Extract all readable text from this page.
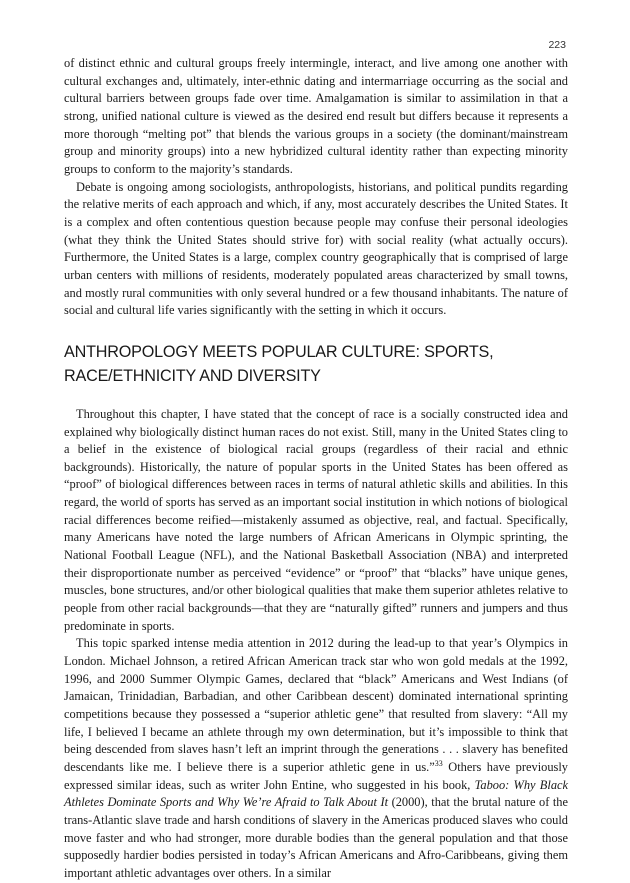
223

of distinct ethnic and cultural groups freely intermingle, interact, and live among one another with cultural exchanges and, ultimately, inter-ethnic dating and intermarriage occurring as the social and cultural barriers between groups fade over time. Amalgamation is similar to assimilation in that a strong, unified national culture is viewed as the desired end result but differs because it represents a more thorough “melting pot” that blends the various groups in a society (the dominant/mainstream group and minority groups) into a new hybridized cultural identity rather than expecting minority groups to conform to the majority’s standards.

Debate is ongoing among sociologists, anthropologists, historians, and political pundits regarding the relative merits of each approach and which, if any, most accurately describes the United States. It is a complex and often contentious question because people may confuse their personal ideologies (what they think the United States should strive for) with social reality (what actually occurs). Furthermore, the United States is a large, complex country geographically that is comprised of large urban centers with millions of residents, moderately populated areas characterized by small towns, and mostly rural communities with only several hundred or a few thousand inhabitants. The nature of social and cultural life varies significantly with the setting in which it occurs.

ANTHROPOLOGY MEETS POPULAR CULTURE: SPORTS, RACE/ETHNICITY AND DIVERSITY

Throughout this chapter, I have stated that the concept of race is a socially constructed idea and explained why biologically distinct human races do not exist. Still, many in the United States cling to a belief in the existence of biological racial groups (regardless of their racial and ethnic backgrounds). Historically, the nature of popular sports in the United States has been offered as “proof” of biological differences between races in terms of natural athletic skills and abilities. In this regard, the world of sports has served as an important social institution in which notions of biological racial differences become reified—mistakenly assumed as objective, real, and factual. Specifically, many Americans have noted the large numbers of African Americans in Olympic sprinting, the National Football League (NFL), and the National Basketball Association (NBA) and interpreted their disproportionate number as perceived “evidence” or “proof” that “blacks” have unique genes, muscles, bone structures, and/or other biological qualities that make them superior athletes relative to people from other racial backgrounds—that they are “naturally gifted” runners and jumpers and thus predominate in sports.

This topic sparked intense media attention in 2012 during the lead-up to that year’s Olympics in London. Michael Johnson, a retired African American track star who won gold medals at the 1992, 1996, and 2000 Summer Olympic Games, declared that “black” Americans and West Indians (of Jamaican, Trinidadian, Barbadian, and other Caribbean descent) dominated international sprinting competitions because they possessed a “superior athletic gene” that resulted from slavery: “All my life, I believed I became an athlete through my own determination, but it’s impossible to think that being descended from slaves hasn’t left an imprint through the generations . . . slavery has benefited descendants like me. I believe there is a superior athletic gene in us.”$^{33}$ Others have previously expressed similar ideas, such as writer John Entine, who suggested in his book, Taboo: Why Black Athletes Dominate Sports and Why We’re Afraid to Talk About It (2000), that the brutal nature of the trans-Atlantic slave trade and harsh conditions of slavery in the Americas produced slaves who could move faster and who had stronger, more durable bodies than the general population and that those supposedly hardier bodies persisted in today’s African Americans and Afro-Caribbeans, giving them important athletic advantages over others. In a similar
